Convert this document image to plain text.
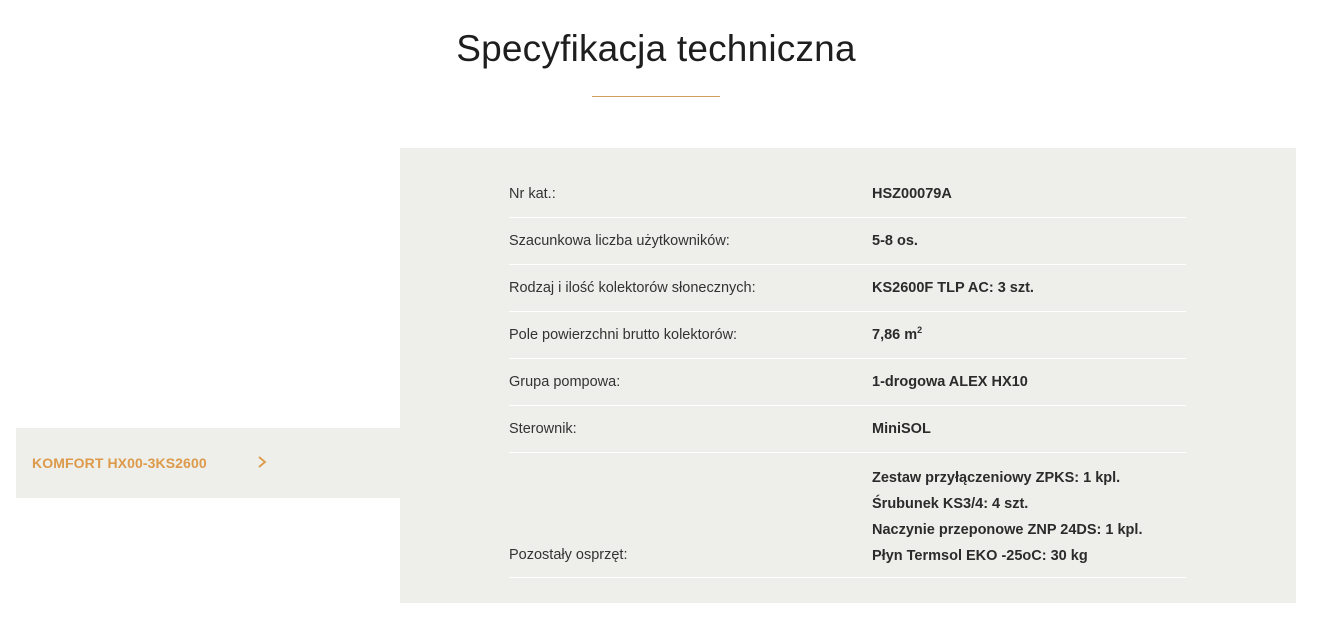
Specyfikacja techniczna
KOMFORT HX00-3KS2600
Nr kat.:	HSZ00079A
Szacunkowa liczba użytkowników:	5-8 os.
Rodzaj i ilość kolektorów słonecznych:	KS2600F TLP AC: 3 szt.
Pole powierzchni brutto kolektorów:	7,86 $m^2$
Grupa pompowa:	1-drogowa ALEX HX10
Sterownik:	MiniSOL
Pozostały osprzęt:
Zestaw przyłączeniowy ZPKS: 1 kpl.
Śrubunek KS3/4: 4 szt.
Naczynie przeponowe ZNP 24DS: 1 kpl.
Płyn Termsol EKO -25oC: 30 kg
